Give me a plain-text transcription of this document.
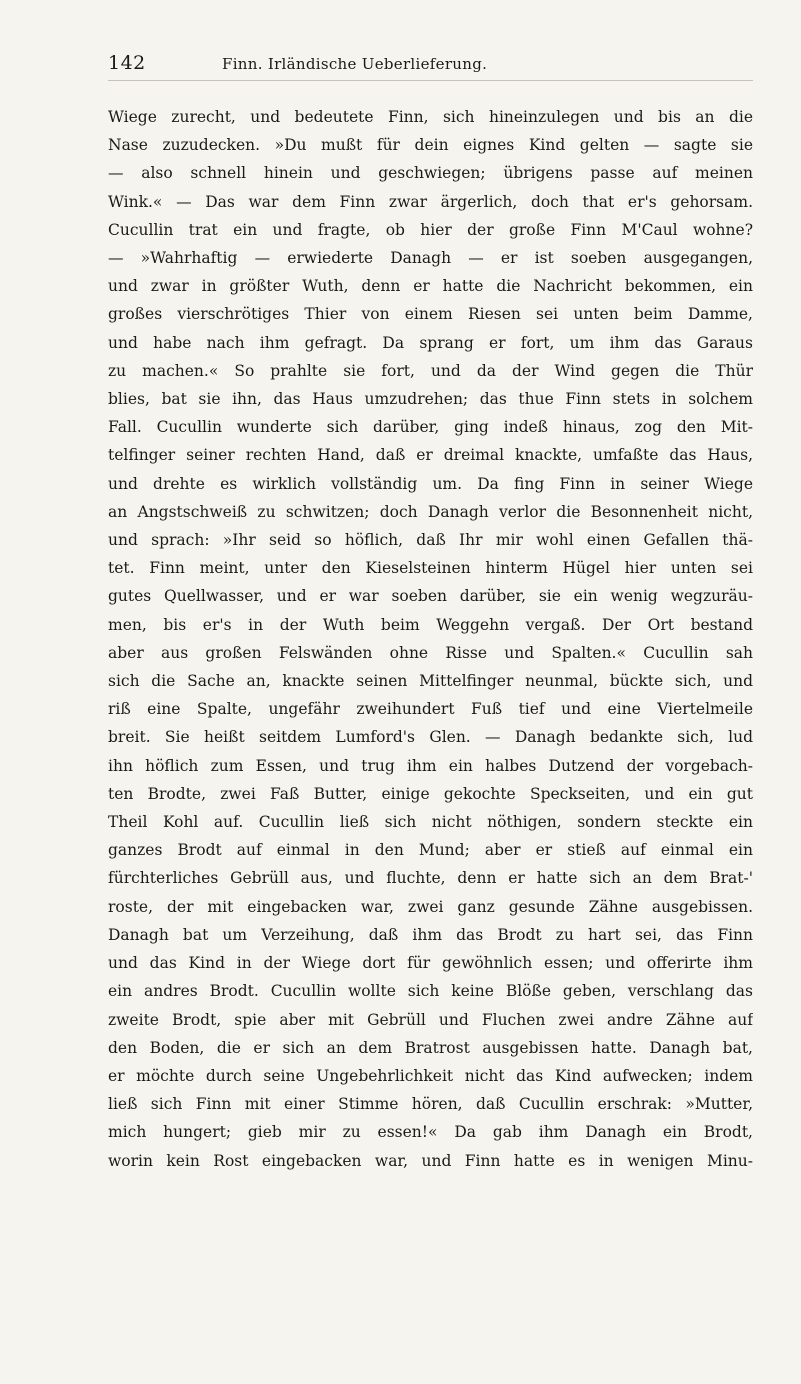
142	Finn. Irländische Ueberlieferung.
Wiege zurecht, und bedeutete Finn, sich hineinzulegen und bis an die
Nase zuzudecken. »Du mußt für dein eignes Kind gelten — sagte sie
— also schnell hinein und geschwiegen; übrigens passe auf meinen
Wink.« — Das war dem Finn zwar ärgerlich, doch that er's gehorsam.
Cucullin trat ein und fragte, ob hier der große Finn M'Caul wohne?
— »Wahrhaftig — erwiederte Danagh — er ist soeben ausgegangen,
und zwar in größter Wuth, denn er hatte die Nachricht bekommen, ein
großes vierschrötiges Thier von einem Riesen sei unten beim Damme,
und habe nach ihm gefragt. Da sprang er fort, um ihm das Garaus
zu machen.« So prahlte sie fort, und da der Wind gegen die Thür
blies, bat sie ihn, das Haus umzudrehen; das thue Finn stets in solchem
Fall. Cucullin wunderte sich darüber, ging indeß hinaus, zog den Mit-
telfinger seiner rechten Hand, daß er dreimal knackte, umfaßte das Haus,
und drehte es wirklich vollständig um. Da fing Finn in seiner Wiege
an Angstschweiß zu schwitzen; doch Danagh verlor die Besonnenheit nicht,
und sprach: »Ihr seid so höflich, daß Ihr mir wohl einen Gefallen thä-
tet. Finn meint, unter den Kieselsteinen hinterm Hügel hier unten sei
gutes Quellwasser, und er war soeben darüber, sie ein wenig wegzuräu-
men, bis er's in der Wuth beim Weggehn vergaß. Der Ort bestand
aber aus großen Felswänden ohne Risse und Spalten.« Cucullin sah
sich die Sache an, knackte seinen Mittelfinger neunmal, bückte sich, und
riß eine Spalte, ungefähr zweihundert Fuß tief und eine Viertelmeile
breit. Sie heißt seitdem Lumford's Glen. — Danagh bedankte sich, lud
ihn höflich zum Essen, und trug ihm ein halbes Dutzend der vorgebach-
ten Brodte, zwei Faß Butter, einige gekochte Speckseiten, und ein gut
Theil Kohl auf. Cucullin ließ sich nicht nöthigen, sondern steckte ein
ganzes Brodt auf einmal in den Mund; aber er stieß auf einmal ein
fürchterliches Gebrüll aus, und fluchte, denn er hatte sich an dem Brat-'
roste, der mit eingebacken war, zwei ganz gesunde Zähne ausgebissen.
Danagh bat um Verzeihung, daß ihm das Brodt zu hart sei, das Finn
und das Kind in der Wiege dort für gewöhnlich essen; und offerirte ihm
ein andres Brodt. Cucullin wollte sich keine Blöße geben, verschlang das
zweite Brodt, spie aber mit Gebrüll und Fluchen zwei andre Zähne auf
den Boden, die er sich an dem Bratrost ausgebissen hatte. Danagh bat,
er möchte durch seine Ungebehrlichkeit nicht das Kind aufwecken; indem
ließ sich Finn mit einer Stimme hören, daß Cucullin erschrak: »Mutter,
mich hungert; gieb mir zu essen!« Da gab ihm Danagh ein Brodt,
worin kein Rost eingebacken war, und Finn hatte es in wenigen Minu-
